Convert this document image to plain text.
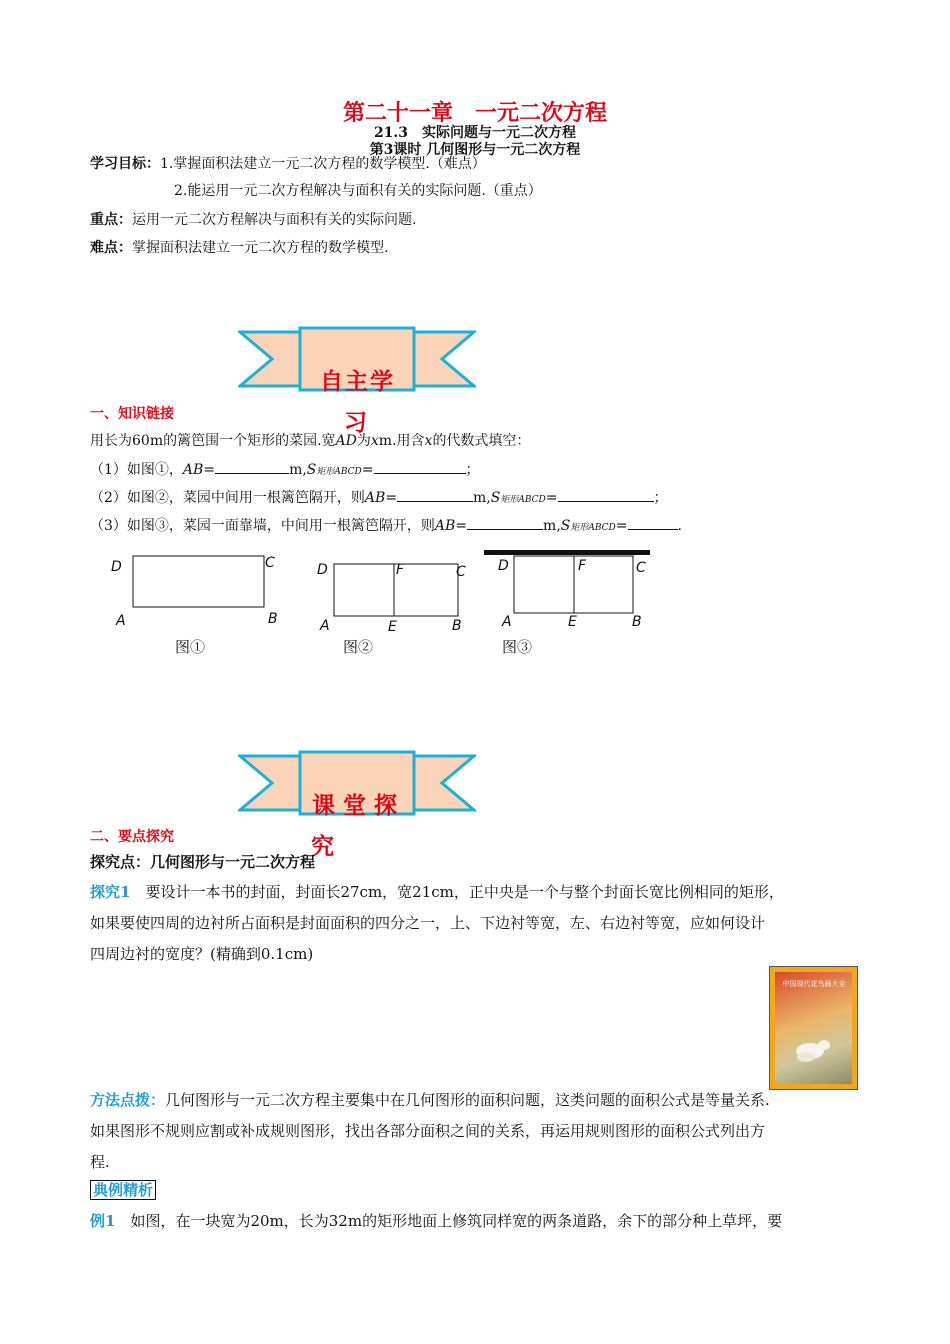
第二十一章　一元二次方程
21.3　实际问题与一元二次方程
第3课时 几何图形与一元二次方程
学习目标：1.掌握面积法建立一元二次方程的数学模型.（难点）
2.能运用一元二次方程解决与面积有关的实际问题.（重点）
重点：运用一元二次方程解决与面积有关的实际问题.
难点：掌握面积法建立一元二次方程的数学模型.
自主学
习
一、知识链接
用长为60m的篱笆围一个矩形的菜园.宽AD为xm.用含x的代数式填空：
（1）如图①，AB=	m,S矩形ABCD=	；
（2）如图②，菜园中间用一根篱笆隔开，则AB=	m,S矩形ABCD=	；
（3）如图③，菜园一面靠墙，中间用一根篱笆隔开，则AB=	m,S矩形ABCD=	.
D	C
A	B
D	F	C
A	E	B
D	F	C
A	E	B
图①	图②	图③
课 堂 探
究
二、要点探究
探究点：几何图形与一元二次方程
探究1　 要设计一本书的封面，封面长27cm，宽21cm，正中央是一个与整个封面长宽比例相同的矩形，
如果要使四周的边衬所占面积是封面面积的四分之一，上、下边衬等宽，左、右边衬等宽，应如何设计
四周边衬的宽度？(精确到0.1cm)
中国现代花鸟画大全
方法点拨：几何图形与一元二次方程主要集中在几何图形的面积问题，这类问题的面积公式是等量关系.
如果图形不规则应割或补成规则图形，找出各部分面积之间的关系，再运用规则图形的面积公式列出方
程.
典例精析
例1　 如图，在一块宽为20m，长为32m的矩形地面上修筑同样宽的两条道路，余下的部分种上草坪，要
